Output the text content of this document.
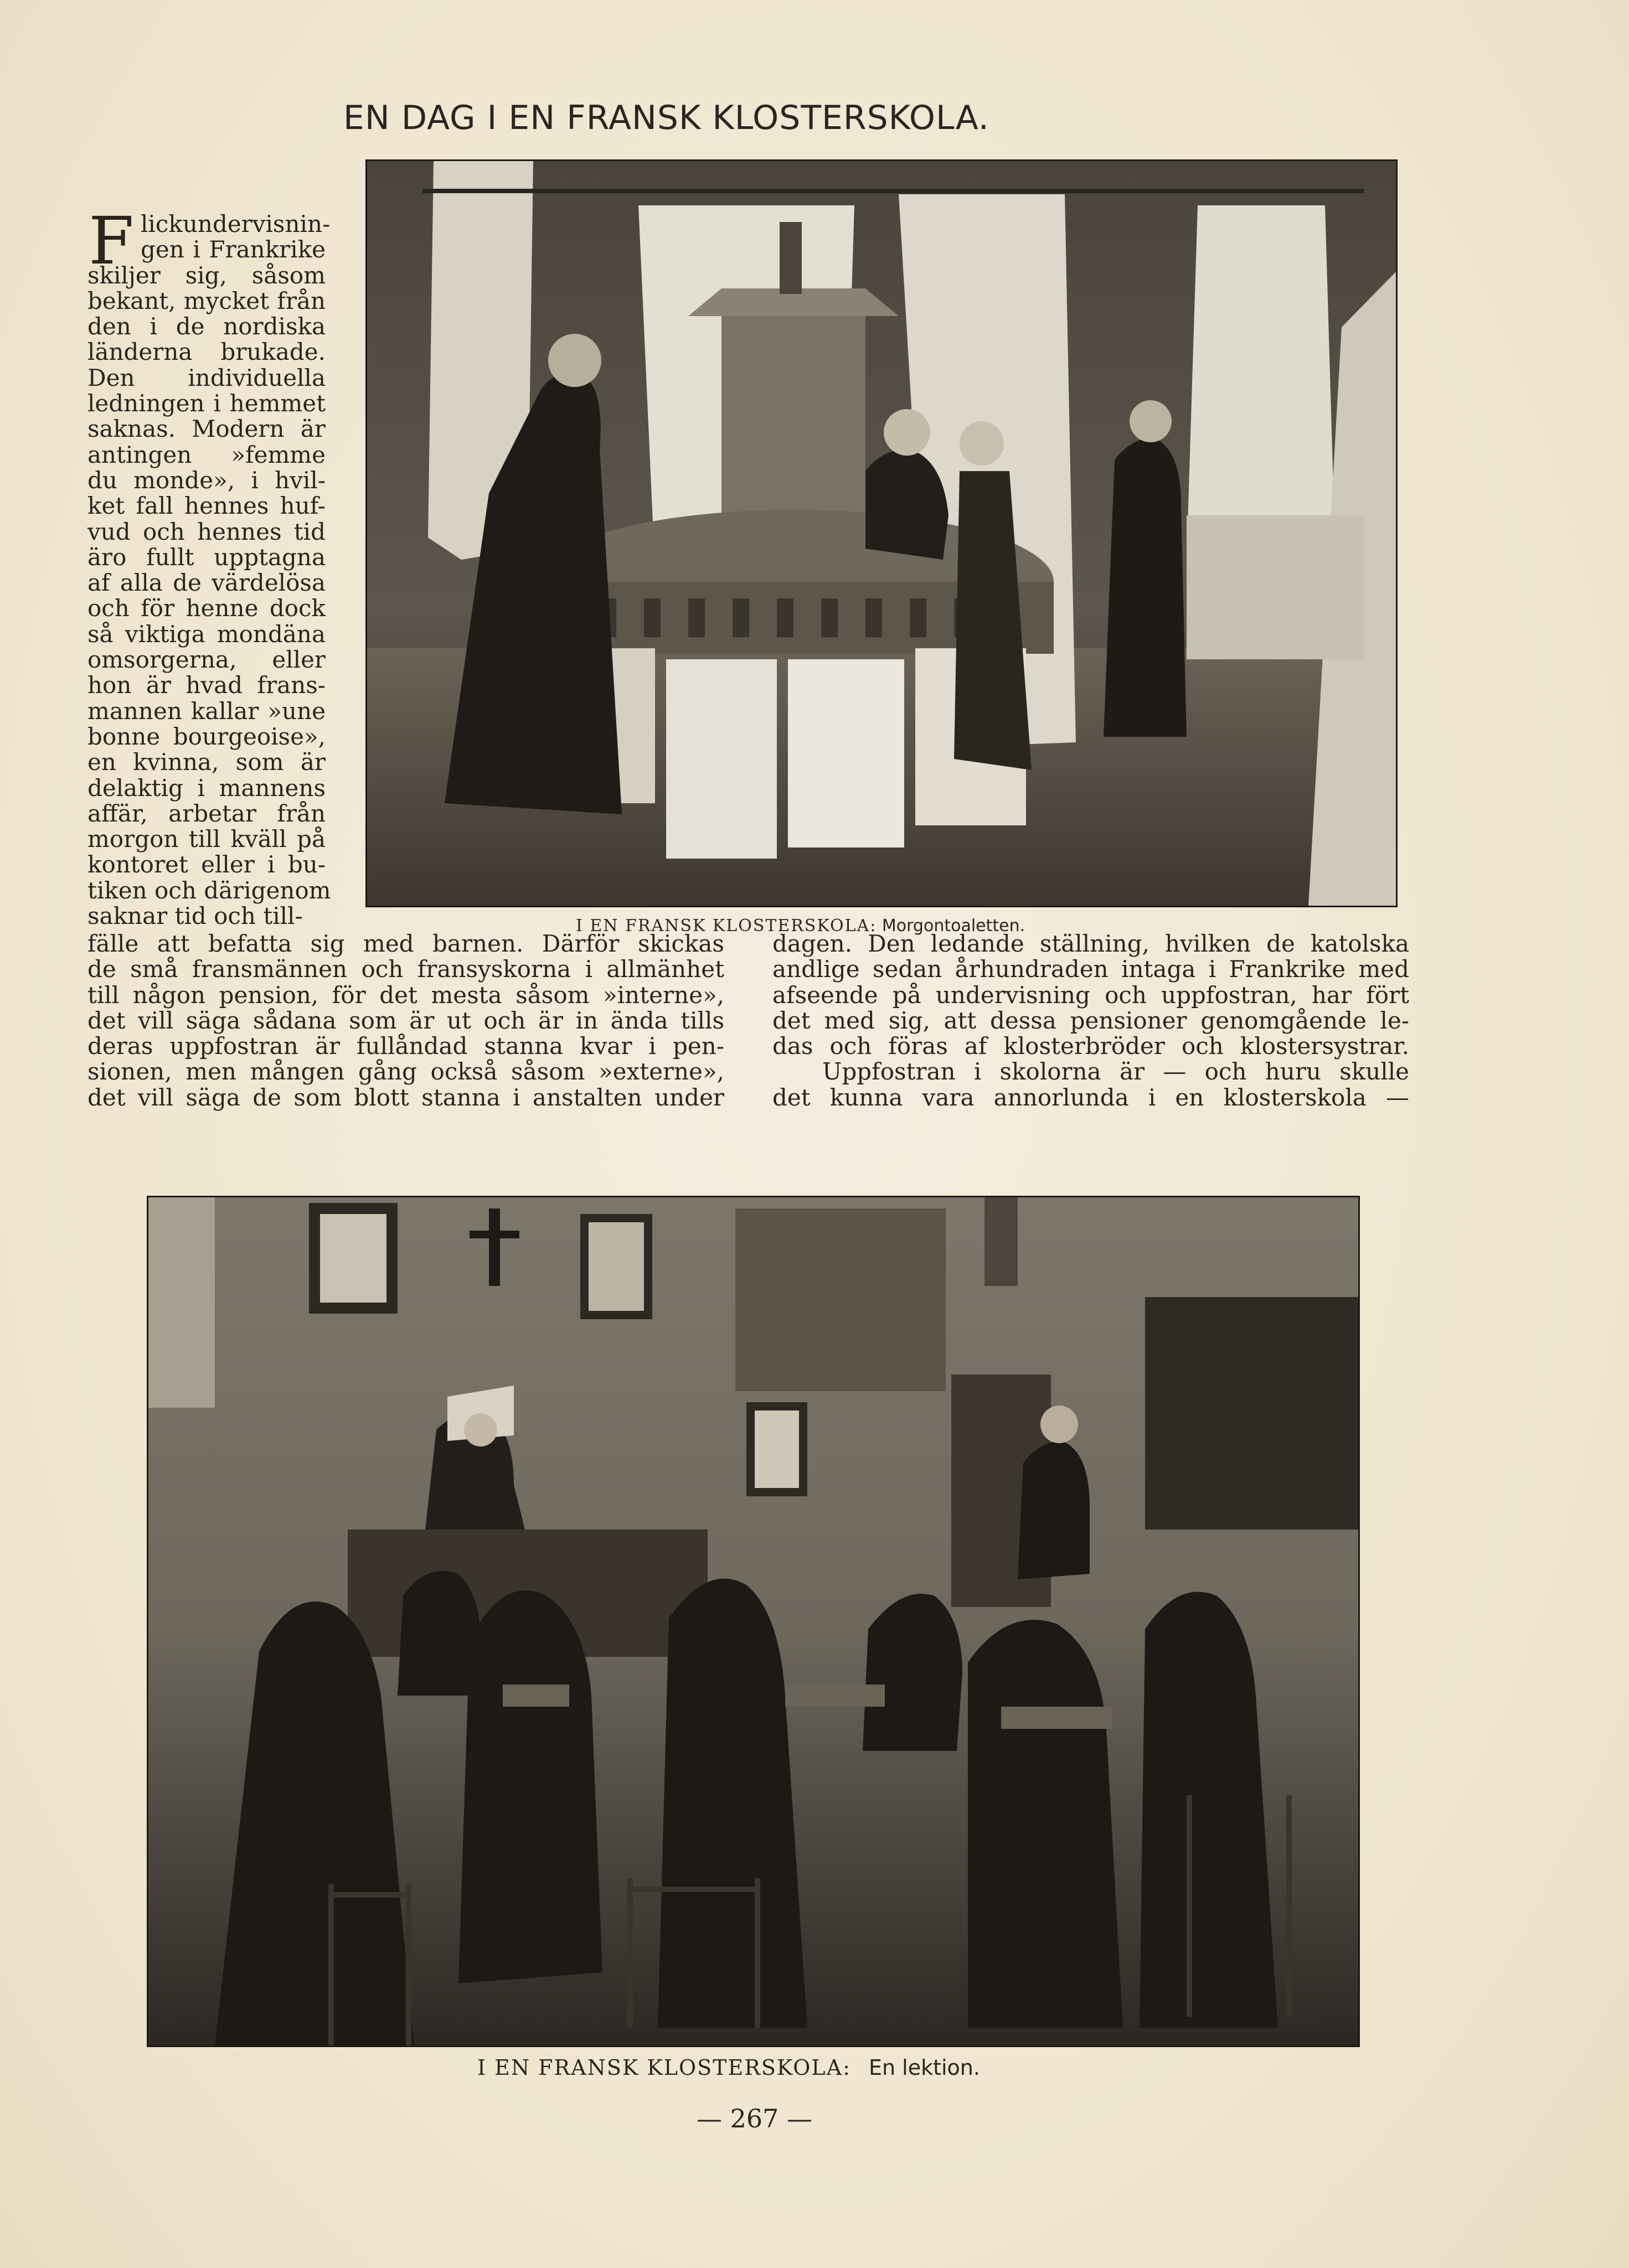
EN DAG I EN FRANSK KLOSTERSKOLA.
I EN FRANSK KLOSTERSKOLA: Morgontoaletten.
F lickundervisnin-
gen i Frankrike
skiljer sig, såsom
bekant, mycket från
den i de nordiska
länderna brukade.
Den individuella
ledningen i hemmet
saknas. Modern är
antingen »femme
du monde», i hvil-
ket fall hennes huf-
vud och hennes tid
äro fullt upptagna
af alla de värdelösa
och för henne dock
så viktiga mondäna
omsorgerna, eller
hon är hvad frans-
mannen kallar »une
bonne bourgeoise»,
en kvinna, som är
delaktig i mannens
affär, arbetar från
morgon till kväll på
kontoret eller i bu-
tiken och därigenom
saknar tid och till-
fälle att befatta sig med barnen. Därför skickas
de små fransmännen och fransyskorna i allmänhet
till någon pension, för det mesta såsom »interne»,
det vill säga sådana som är ut och är in ända tills
deras uppfostran är fullåndad stanna kvar i pen-
sionen, men mången gång också såsom »externe»,
det vill säga de som blott stanna i anstalten under
dagen. Den ledande ställning, hvilken de katolska
andlige sedan århundraden intaga i Frankrike med
afseende på undervisning och uppfostran, har fört
det med sig, att dessa pensioner genomgående le-
das och föras af klosterbröder och klostersystrar.
Uppfostran i skolorna är — och huru skulle
det kunna vara annorlunda i en klosterskola —
I EN FRANSK KLOSTERSKOLA: En lektion.
— 267 —
